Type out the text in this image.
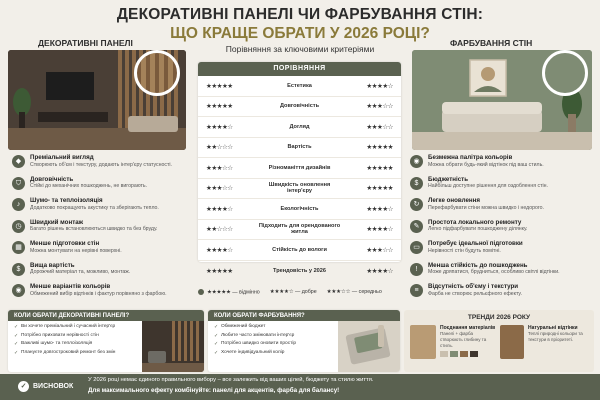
ДЕКОРАТИВНІ ПАНЕЛІ ЧИ ФАРБУВАННЯ СТІН:
ЩО КРАЩЕ ОБРАТИ У 2026 РОЦІ?
Порівняння за ключовими критеріями
ДЕКОРАТИВНІ ПАНЕЛІ	ФАРБУВАННЯ СТІН
◆
Преміальний вигляд
Створюють об'єм і текстуру, додають інтер'єру статусності.
⛉
Довговічність
Стійкі до механічних пошкоджень, не вигорають.
♪
Шумо- та теплоізоляція
Додатково покращують акустику та зберігають тепло.
◷
Швидкий монтаж
Багато рішень встановлюються швидко та без бруду.
▦
Менше підготовки стін
Можна монтувати на нерівні поверхні.
$
Вища вартість
Дорожчий матеріал та, можливо, монтаж.
◉
Менше варіантів кольорів
Обмежений вибір відтінків і фактур порівняно з фарбою.
◉
Безмежна палітра кольорів
Можна обрати будь-який відтінок під ваш стиль.
$
Бюджетність
Найбільш доступне рішення для оздоблення стін.
↻
Легке оновлення
Перефарбувати стіни можна швидко і недорого.
✎
Простота локального ремонту
Легко підфарбувати пошкоджену ділянку.
▭
Потребує ідеальної підготовки
Нерівності стін будуть помітні.
!
Менша стійкість до пошкоджень
Може дряпатися, брудниться, особливо світлі відтінки.
≡
Відсутність об'єму і текстури
Фарба не створює рельєфного ефекту.
ПОРІВНЯННЯ
★★★★★	Естетика	★★★★☆
★★★★★	Довговічність	★★★☆☆
★★★★☆	Догляд	★★★☆☆
★★☆☆☆	Вартість	★★★★★
★★★☆☆	Різноманіття дизайнів	★★★★★
★★★☆☆	Швидкість оновлення інтер'єру	★★★★★
★★★★☆	Екологічність	★★★★☆
★★☆☆☆	Підходить для орендованого житла	★★★★☆
★★★★☆	Стійкість до вологи	★★★☆☆
★★★★★	Трендовість у 2026	★★★★☆
★★★★★ — відмінно ★★★★☆ — добре ★★★☆☆ — середньо
КОЛИ ОБРАТИ ДЕКОРАТИВНІ ПАНЕЛІ?
✓ Ви хочете преміальний і сучасний інтер'єр
✓ Потрібно приховати нерівності стін
✓ Важливі шумо- та теплоізоляція
✓ Плануєте довгостроковий ремонт без змін
КОЛИ ОБРАТИ ФАРБУВАННЯ?
✓ Обмежений бюджет
✓ Любите часто змінювати інтер'єр
✓ Потрібно швидко оновити простір
✓ Хочете індивідуальний колір
ТРЕНДИ 2026 РОКУ
Поєднання матеріалів
Панелі + фарба створюють глибину та стиль.
Натуральні відтінки
Теплі природні кольори та текстури в пріоритеті.
✓ ВИСНОВОК
У 2026 році немає єдиного правильного вибору – все залежить від ваших цілей, бюджету та стилю життя.
Для максимального ефекту комбінуйте: панелі для акцентів, фарба для балансу!
